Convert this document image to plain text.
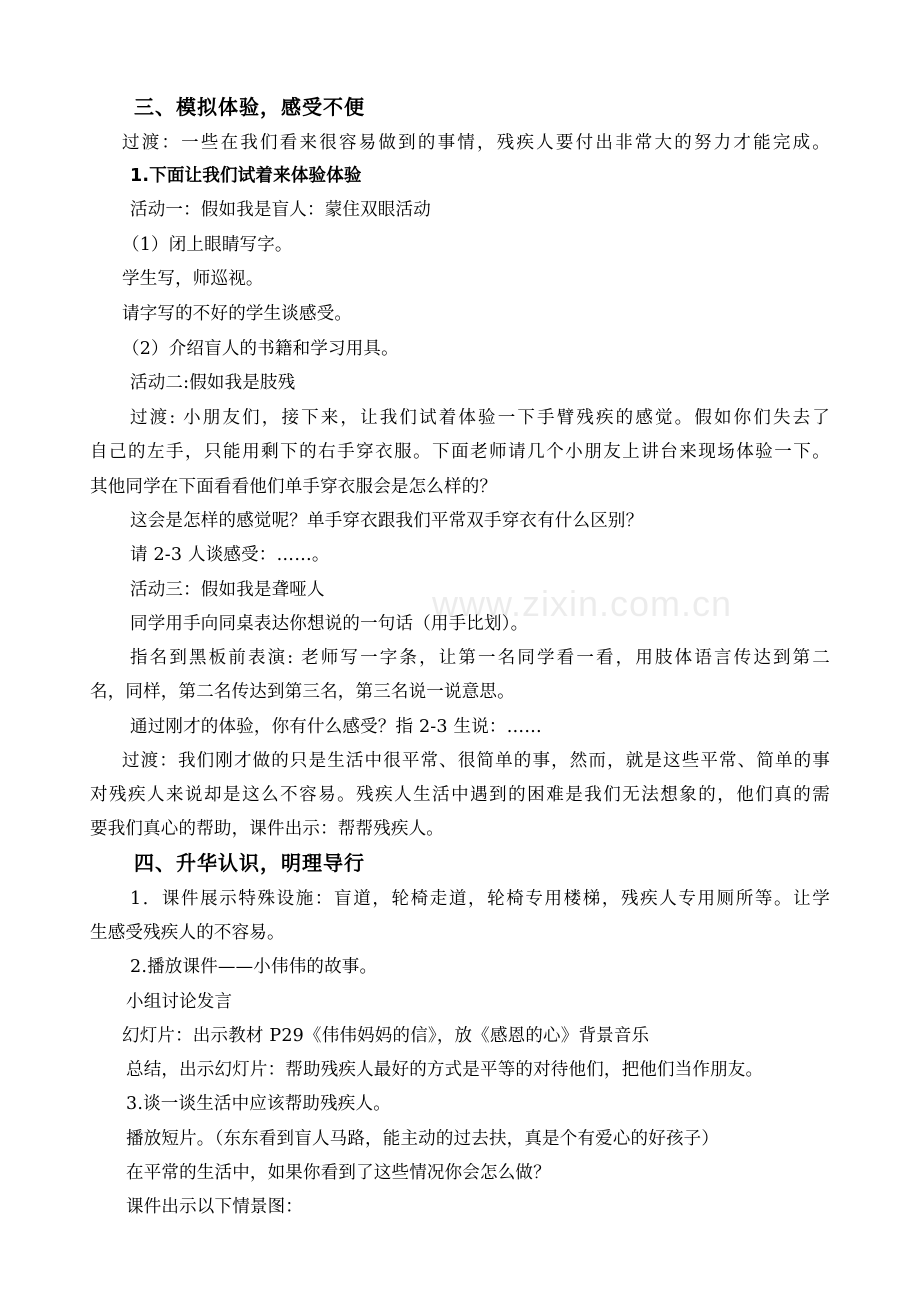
www.zixin.com.cn
三、模拟体验，感受不便
过渡：一些在我们看来很容易做到的事情，残疾人要付出非常大的努力才能完成。
1.下面让我们试着来体验体验
活动一：假如我是盲人：蒙住双眼活动
（1）闭上眼睛写字。
学生写，师巡视。
请字写的不好的学生谈感受。
（2）介绍盲人的书籍和学习用具。
活动二:假如我是肢残
过渡: 小朋友们，接下来，让我们试着体验一下手臂残疾的感觉。假如你们失去了
自己的左手，只能用剩下的右手穿衣服。下面老师请几个小朋友上讲台来现场体验一下。
其他同学在下面看看他们单手穿衣服会是怎么样的？
这会是怎样的感觉呢？单手穿衣跟我们平常双手穿衣有什么区别？
请 2-3 人谈感受：……。
活动三：假如我是聋哑人
同学用手向同桌表达你想说的一句话（用手比划）。
指名到黑板前表演: 老师写一字条，让第一名同学看一看，用肢体语言传达到第二
名，同样，第二名传达到第三名，第三名说一说意思。
通过刚才的体验，你有什么感受？指 2-3 生说：……
过渡：我们刚才做的只是生活中很平常、很简单的事，然而，就是这些平常、简单的事
对残疾人来说却是这么不容易。残疾人生活中遇到的困难是我们无法想象的，他们真的需
要我们真心的帮助，课件出示：帮帮残疾人。
四、升华认识，明理导行
1．课件展示特殊设施：盲道，轮椅走道，轮椅专用楼梯，残疾人专用厕所等。让学
生感受残疾人的不容易。
2.播放课件——小伟伟的故事。
小组讨论发言
幻灯片：出示教材 P29《伟伟妈妈的信》，放《感恩的心》背景音乐
总结，出示幻灯片：帮助残疾人最好的方式是平等的对待他们，把他们当作朋友。
3.谈一谈生活中应该帮助残疾人。
播放短片。（东东看到盲人马路，能主动的过去扶，真是个有爱心的好孩子）
在平常的生活中，如果你看到了这些情况你会怎么做？
课件出示以下情景图：
